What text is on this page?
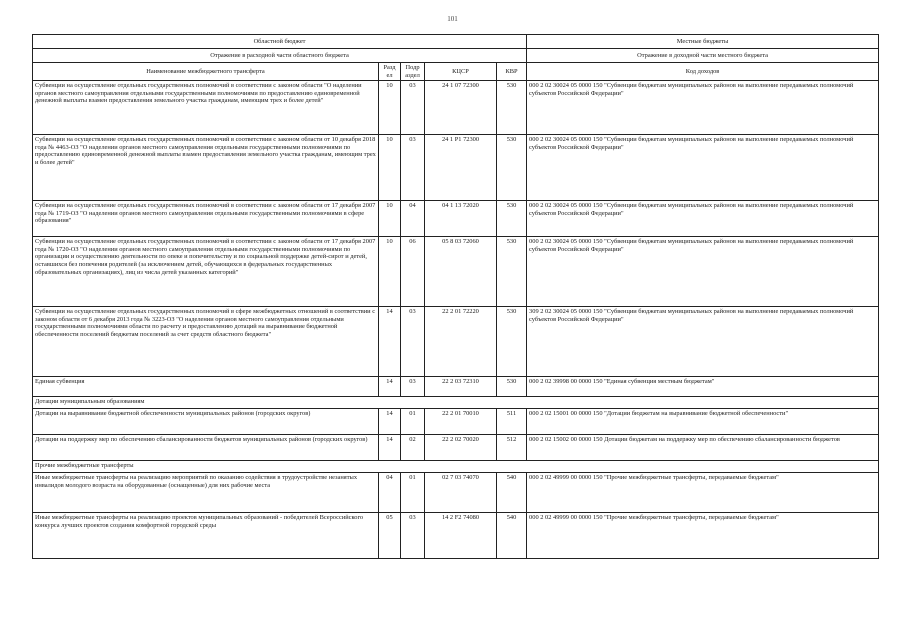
101
Областной бюджет					Местные бюджеты
Отражение в расходной части областного бюджета					Отражение в доходной части местного бюджета
Наименование межбюджетного трансферта	Разд ел	Подр аздел	КЦСР	КВР	Код доходов
Субвенции на осуществление отдельных государственных полномочий в соответствии с законом области "О наделении органов местного самоуправления отдельными государственными полномочиями по предоставлению единовременной денежной выплаты взамен предоставления земельного участка гражданам, имеющим трех и более детей"	10	03	24 1 07 72300	530	000 2 02 30024 05 0000 150 "Субвенции бюджетам муниципальных районов на выполнение передаваемых полномочий субъектов Российской Федерации"
Субвенции на осуществление отдельных государственных полномочий в соответствии с законом области от 10 декабря 2018 года № 4463-ОЗ "О наделении органов местного самоуправления отдельными государственными полномочиями по предоставлению единовременной денежной выплаты взамен предоставления земельного участка гражданам, имеющим трех и более детей"	10	03	24 1 P1 72300	530	000 2 02 30024 05 0000 150 "Субвенции бюджетам муниципальных районов на выполнение передаваемых полномочий субъектов Российской Федерации"
Субвенции на осуществление отдельных государственных полномочий в соответствии с законом области от 17 декабря 2007 года № 1719-ОЗ "О наделении органов местного самоуправления отдельными государственными полномочиями в сфере образования"	10	04	04 1 13 72020	530	000 2 02 30024 05 0000 150 "Субвенции бюджетам муниципальных районов на выполнение передаваемых полномочий субъектов Российской Федерации"
Субвенции на осуществление отдельных государственных полномочий в соответствии с законом области от 17 декабря 2007 года № 1720-ОЗ "О наделении органов местного самоуправления отдельными государственными полномочиями по организации и осуществлению деятельности по опеке и попечительству и по социальной поддержке детей-сирот и детей, оставшихся без попечения родителей (за исключением детей, обучающихся в федеральных государственных образовательных организациях), лиц из числа детей указанных категорий"	10	06	05 8 03 72060	530	000 2 02 30024 05 0000 150 "Субвенции бюджетам муниципальных районов на выполнение передаваемых полномочий субъектов Российской Федерации"
Субвенции на осуществление отдельных государственных полномочий в сфере межбюджетных отношений в соответствии с законом области от 6 декабря 2013 года № 3223-ОЗ "О наделении органов местного самоуправления отдельными государственными полномочиями области по расчету и предоставлению дотаций на выравнивание бюджетной обеспеченности поселений бюджетам поселений за счет средств областного бюджета"	14	03	22 2 01 72220	530	309 2 02 30024 05 0000 150 "Субвенции бюджетам муниципальных районов на выполнение передаваемых полномочий субъектов Российской Федерации"
Единая субвенция	14	03	22 2 03 72310	530	000 2 02 39998 00 0000 150 "Единая субвенция местным бюджетам"
Дотации муниципальным образованиям					
Дотации на выравнивание бюджетной обеспеченности муниципальных районов (городских округов)	14	01	22 2 01 70010	511	000 2 02 15001 00 0000 150 "Дотации бюджетам на выравнивание бюджетной обеспеченности"
Дотации на поддержку мер по обеспечению сбалансированности бюджетов муниципальных районов (городских округов)	14	02	22 2 02 70020	512	000 2 02 15002 00 0000 150 Дотации бюджетам на поддержку мер по обеспечению сбалансированности бюджетов
Прочие межбюджетные трансферты					
Иные межбюджетные трансферты на реализацию мероприятий по оказанию содействия в трудоустройстве незанятых инвалидов молодого возраста на оборудованные (оснащенные) для них рабочие места	04	01	02 7 03 74070	540	000 2 02 49999 00 0000 150 "Прочие межбюджетные трансферты, передаваемые бюджетам"
Иные межбюджетные трансферты на реализацию проектов муниципальных образований - победителей Всероссийского конкурса лучших проектов создания комфортной городской среды	05	03	14 2 F2 74080	540	000 2 02 49999 00 0000 150 "Прочие межбюджетные трансферты, передаваемые бюджетам"
